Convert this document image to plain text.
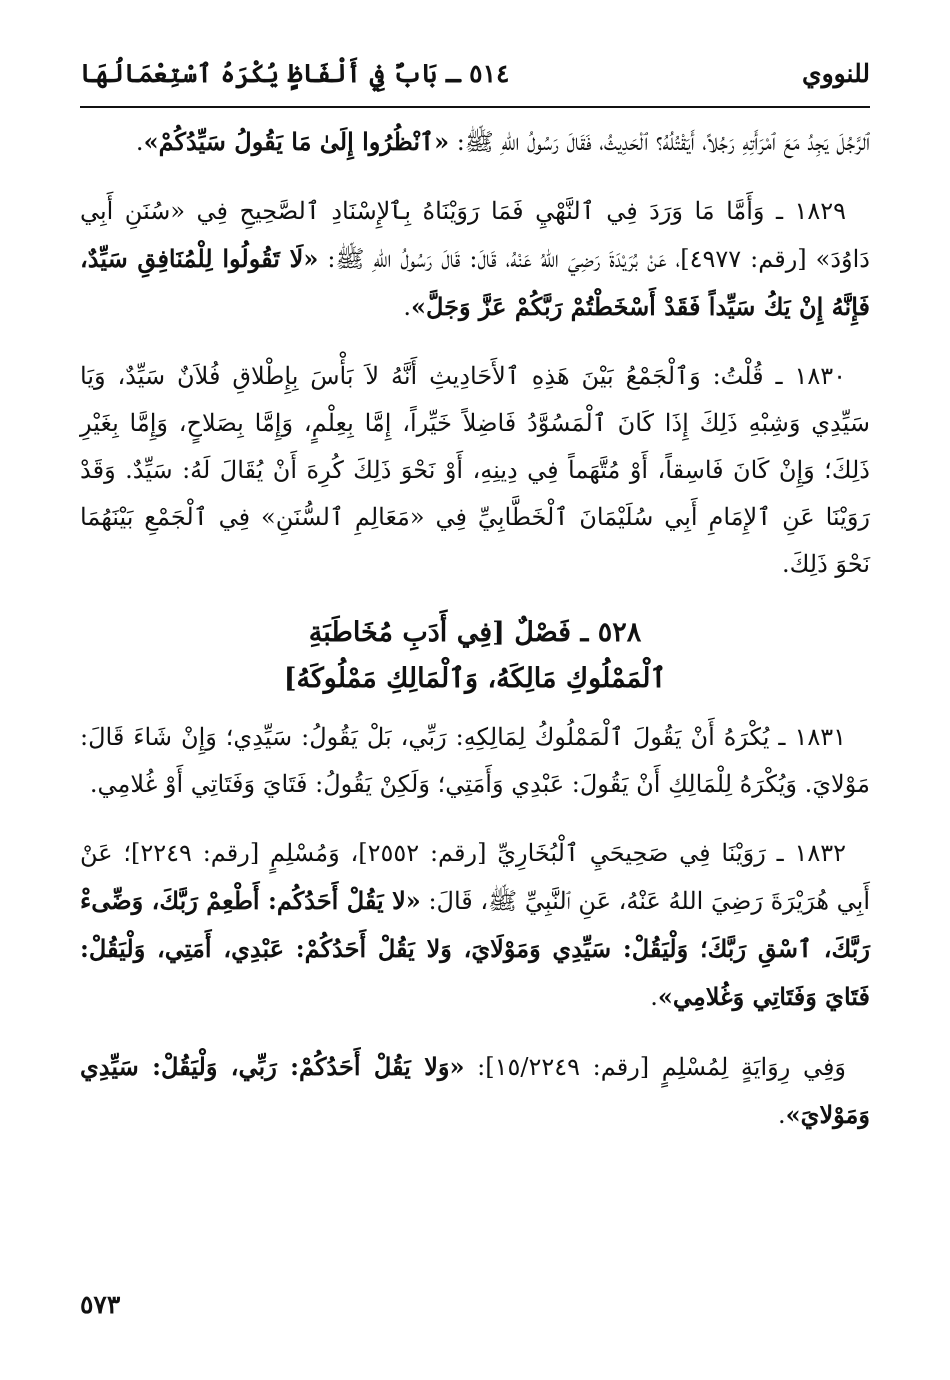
للنووي
٥١٤ ـ بَابٌ فِي أَلْفَاظٍ يُكْرَهُ ٱسْتِعْمَالُهَا

ٱلرَّجُلَ يَجِدُ مَعَ ٱمْرَأَتِهِ رَجُلاً، أَيَقْتُلُهُ؟ ٱلْحَدِيثُ، فَقَالَ رَسُولُ اللهِ ﷺ: «ٱنْظُرُوا إِلَىٰ مَا يَقُولُ سَيِّدُكُمْ».

١٨٢٩ ـ وَأَمَّا مَا وَرَدَ فِي ٱلنَّهْيِ فَمَا رَوَيْنَاهُ بِٱلإِسْنَادِ ٱلصَّحِيحِ فِي «سُنَنِ أَبِي دَاوُدَ» [رقم: ٤٩٧٧]، عَنْ بُرَيْدَةَ رَضِيَ اللهُ عَنْهُ، قَالَ: قَالَ رَسُولُ اللهِ ﷺ: «لَا تَقُولُوا لِلْمُنَافِقِ سَيِّدٌ، فَإِنَّهُ إِنْ يَكُ سَيِّداً فَقَدْ أَسْخَطْتُمْ رَبَّكُمْ عَزَّ وَجَلَّ».

١٨٣٠ ـ قُلْتُ: وَٱلْجَمْعُ بَيْنَ هَذِهِ ٱلأَحَادِيثِ أَنَّهُ لاَ بَأْسَ بِإِطْلاقِ فُلاَنٌ سَيِّدٌ، وَيَا سَيِّدِي وَشِبْهِ ذَلِكَ إِذَا كَانَ ٱلْمَسُوَّدُ فَاضِلاً خَيِّراً، إِمَّا بِعِلْمٍ، وَإِمَّا بِصَلاحٍ، وَإِمَّا بِغَيْرِ ذَلِكَ؛ وَإِنْ كَانَ فَاسِقاً، أَوْ مُتَّهَماً فِي دِينِهِ، أَوْ نَحْوَ ذَلِكَ كُرِهَ أَنْ يُقَالَ لَهُ: سَيِّدٌ. وَقَدْ رَوَيْنَا عَنِ ٱلإِمَامِ أَبِي سُلَيْمَانَ ٱلْخَطَّابِيِّ فِي «مَعَالِمِ ٱلسُّنَنِ» فِي ٱلْجَمْعِ بَيْنَهُمَا نَحْوَ ذَلِكَ.

٥٢٨ ـ فَصْلٌ [فِي أَدَبِ مُخَاطَبَةِ
ٱلْمَمْلُوكِ مَالِكَهُ، وَٱلْمَالِكِ مَمْلُوكَهُ]

١٨٣١ ـ يُكْرَهُ أَنْ يَقُولَ ٱلْمَمْلُوكُ لِمَالِكِهِ: رَبِّي، بَلْ يَقُولُ: سَيِّدِي؛ وَإِنْ شَاءَ قَالَ: مَوْلايَ. وَيُكْرَهُ لِلْمَالِكِ أَنْ يَقُولَ: عَبْدِي وَأَمَتِي؛ وَلَكِنْ يَقُولُ: فَتَايَ وَفَتَاتِي أَوْ غُلامِي.

١٨٣٢ ـ رَوَيْنَا فِي صَحِيحَيِ ٱلْبُخَارِيِّ [رقم: ٢٥٥٢]، وَمُسْلِمٍ [رقم: ٢٢٤٩]؛ عَنْ أَبِي هُرَيْرَةَ رَضِيَ اللهُ عَنْهُ، عَنِ ٱلنَّبِيِّ ﷺ، قَالَ: «لا يَقُلْ أَحَدُكُم: أَطْعِمْ رَبَّكَ، وَضِّىءْ رَبَّكَ، ٱسْقِ رَبَّكَ؛ وَلْيَقُلْ: سَيِّدِي وَمَوْلَايَ، وَلا يَقُلْ أَحَدُكُمْ: عَبْدِي، أَمَتِي، وَلْيَقُلْ: فَتَايَ وَفَتَاتِي وَغُلامِي».

وَفِي رِوَايَةٍ لِمُسْلِمٍ [رقم: ١٥/٢٢٤٩]: «وَلا يَقُلْ أَحَدُكُمْ: رَبِّي، وَلْيَقُلْ: سَيِّدِي وَمَوْلايَ».

٥٧٣
